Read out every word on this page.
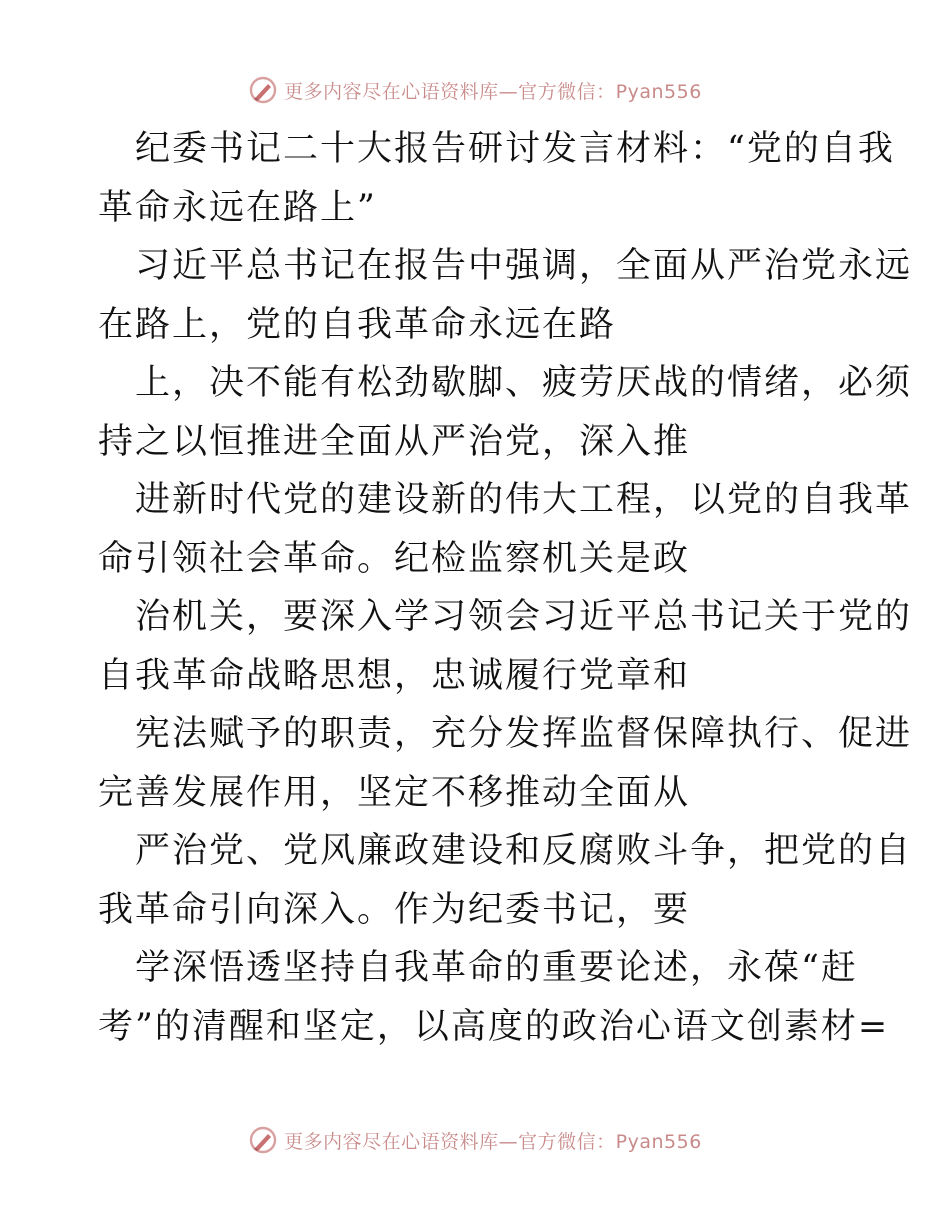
更多内容尽在心语资料库—官方微信：Pyan556
纪委书记二十大报告研讨发言材料：“党的自我
革命永远在路上”
习近平总书记在报告中强调，全面从严治党永远
在路上，党的自我革命永远在路
上，决不能有松劲歇脚、疲劳厌战的情绪，必须
持之以恒推进全面从严治党，深入推
进新时代党的建设新的伟大工程，以党的自我革
命引领社会革命。纪检监察机关是政
治机关，要深入学习领会习近平总书记关于党的
自我革命战略思想，忠诚履行党章和
宪法赋予的职责，充分发挥监督保障执行、促进
完善发展作用，坚定不移推动全面从
严治党、党风廉政建设和反腐败斗争，把党的自
我革命引向深入。作为纪委书记，要
学深悟透坚持自我革命的重要论述，永葆“赶
考”的清醒和坚定，以高度的政治心语文创素材=
更多内容尽在心语资料库—官方微信：Pyan556
